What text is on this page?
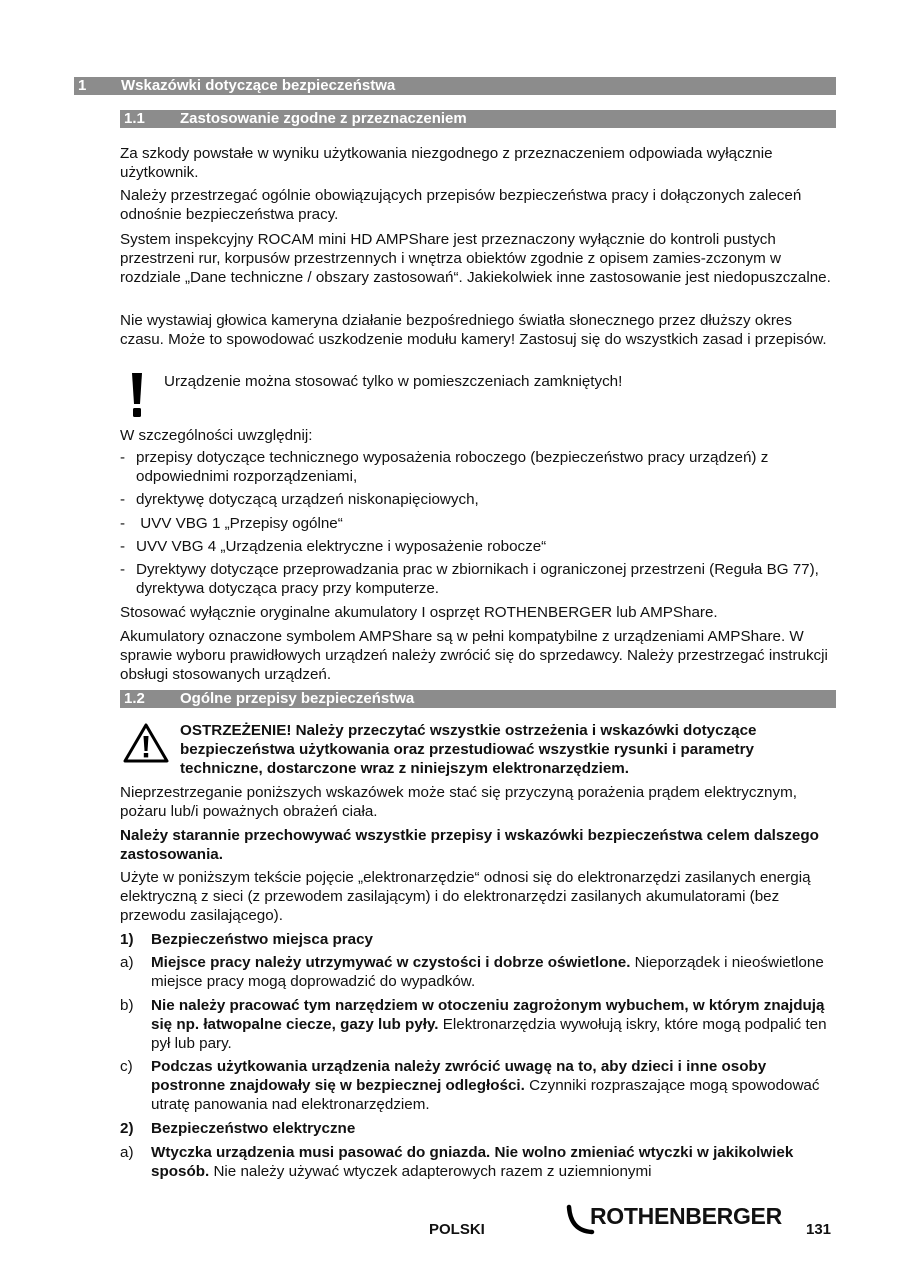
1 Wskazówki dotyczące bezpieczeństwa
1.1 Zastosowanie zgodne z przeznaczeniem

Za szkody powstałe w wyniku użytkowania niezgodnego z przeznaczeniem odpowiada wyłącznie użytkownik.

Należy przestrzegać ogólnie obowiązujących przepisów bezpieczeństwa pracy i dołączonych zaleceń odnośnie bezpieczeństwa pracy.

System inspekcyjny ROCAM mini HD AMPShare jest przeznaczony wyłącznie do kontroli pustych przestrzeni rur, korpusów przestrzennych i wnętrza obiektów zgodnie z opisem zamies-zczonym w rozdziale „Dane techniczne / obszary zastosowań“. Jakiekolwiek inne zastosowanie jest niedopuszczalne.

Nie wystawiaj głowica kameryna działanie bezpośredniego światła słonecznego przez dłuższy okres czasu. Może to spowodować uszkodzenie modułu kamery! Zastosuj się do wszystkich zasad i przepisów.

Urządzenie można stosować tylko w pomieszczeniach zamkniętych!

W szczególności uwzględnij:

- przepisy dotyczące technicznego wyposażenia roboczego (bezpieczeństwo pracy urządzeń) z odpowiednimi rozporządzeniami,
- dyrektywę dotyczącą urządzeń niskonapięciowych,
- UVV VBG 1 „Przepisy ogólne“
- UVV VBG 4 „Urządzenia elektryczne i wyposażenie robocze“
- Dyrektywy dotyczące przeprowadzania prac w zbiornikach i ograniczonej przestrzeni (Reguła BG 77), dyrektywa dotycząca pracy przy komputerze.

Stosować wyłącznie oryginalne akumulatory I osprzęt ROTHENBERGER lub AMPShare.

Akumulatory oznaczone symbolem AMPShare są w pełni kompatybilne z urządzeniami AMPShare. W sprawie wyboru prawidłowych urządzeń należy zwrócić się do sprzedawcy. Należy przestrzegać instrukcji obsługi stosowanych urządzeń.

1.2 Ogólne przepisy bezpieczeństwa

OSTRZEŻENIE! Należy przeczytać wszystkie ostrzeżenia i wskazówki dotyczące bezpieczeństwa użytkowania oraz przestudiować wszystkie rysunki i parametry techniczne, dostarczone wraz z niniejszym elektronarzędziem.

Nieprzestrzeganie poniższych wskazówek może stać się przyczyną porażenia prądem elektrycznym, pożaru lub/i poważnych obrażeń ciała.

Należy starannie przechowywać wszystkie przepisy i wskazówki bezpieczeństwa celem dalszego zastosowania.

Użyte w poniższym tekście pojęcie „elektronarzędzie“ odnosi się do elektronarzędzi zasilanych energią elektryczną z sieci (z przewodem zasilającym) i do elektronarzędzi zasilanych akumulatorami (bez przewodu zasilającego).

1) Bezpieczeństwo miejsca pracy
a) Miejsce pracy należy utrzymywać w czystości i dobrze oświetlone. Nieporządek i nieoświetlone miejsce pracy mogą doprowadzić do wypadków.
b) Nie należy pracować tym narzędziem w otoczeniu zagrożonym wybuchem, w którym znajdują się np. łatwopalne ciecze, gazy lub pyły. Elektronarzędzia wywołują iskry, które mogą podpalić ten pył lub pary.
c) Podczas użytkowania urządzenia należy zwrócić uwagę na to, aby dzieci i inne osoby postronne znajdowały się w bezpiecznej odległości. Czynniki rozpraszające mogą spowodować utratę panowania nad elektronarzędziem.
2) Bezpieczeństwo elektryczne
a) Wtyczka urządzenia musi pasować do gniazda. Nie wolno zmieniać wtyczki w jakikolwiek sposób. Nie należy używać wtyczek adapterowych razem z uziemnionymi
POLSKI
ROTHENBERGER
131
